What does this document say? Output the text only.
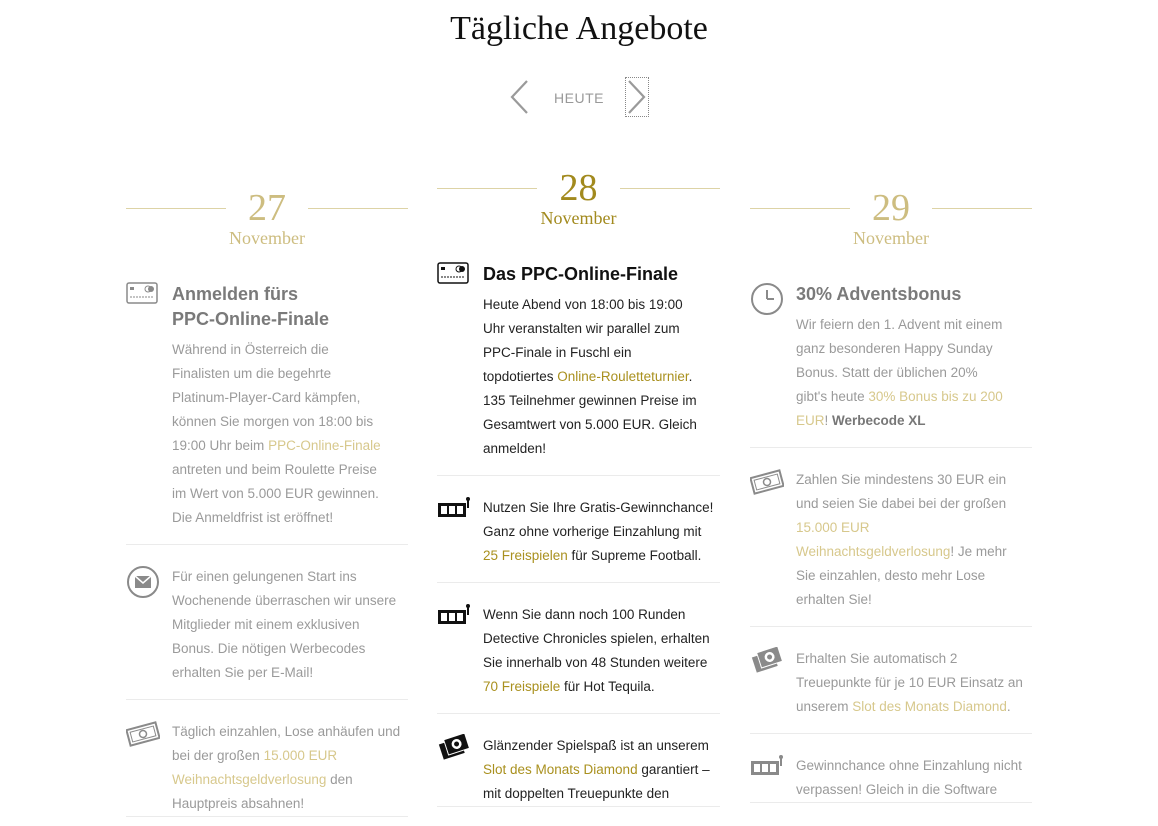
Tägliche Angebote
HEUTE
27
November
Anmelden fürs
PPC-Online-Finale

Während in Österreich die
Finalisten um die begehrte
Platinum-Player-Card kämpfen,
können Sie morgen von 18:00 bis
19:00 Uhr beim PPC-Online-Finale
antreten und beim Roulette Preise
im Wert von 5.000 EUR gewinnen.
Die Anmeldfrist ist eröffnet!

Für einen gelungenen Start ins
Wochenende überraschen wir unsere
Mitglieder mit einem exklusiven
Bonus. Die nötigen Werbecodes
erhalten Sie per E-Mail!

Täglich einzahlen, Lose anhäufen und
bei der großen 15.000 EUR
Weihnachtsgeldverlosung den
Hauptpreis absahnen!

28
November
Das PPC-Online-Finale

Heute Abend von 18:00 bis 19:00
Uhr veranstalten wir parallel zum
PPC-Finale in Fuschl ein
topdotiertes Online-Rouletteturnier.
135 Teilnehmer gewinnen Preise im
Gesamtwert von 5.000 EUR. Gleich
anmelden!

Nutzen Sie Ihre Gratis-Gewinnchance!
Ganz ohne vorherige Einzahlung mit
25 Freispielen für Supreme Football.

Wenn Sie dann noch 100 Runden
Detective Chronicles spielen, erhalten
Sie innerhalb von 48 Stunden weitere
70 Freispiele für Hot Tequila.

Glänzender Spielspaß ist an unserem
Slot des Monats Diamond garantiert –
mit doppelten Treuepunkte den

29
November
30% Adventsbonus

Wir feiern den 1. Advent mit einem
ganz besonderen Happy Sunday
Bonus. Statt der üblichen 20%
gibt's heute 30% Bonus bis zu 200
EUR! Werbecode XL

Zahlen Sie mindestens 30 EUR ein
und seien Sie dabei bei der großen
15.000 EUR
Weihnachtsgeldverlosung! Je mehr
Sie einzahlen, desto mehr Lose
erhalten Sie!

Erhalten Sie automatisch 2
Treuepunkte für je 10 EUR Einsatz an
unserem Slot des Monats Diamond.

Gewinnchance ohne Einzahlung nicht
verpassen! Gleich in die Software
